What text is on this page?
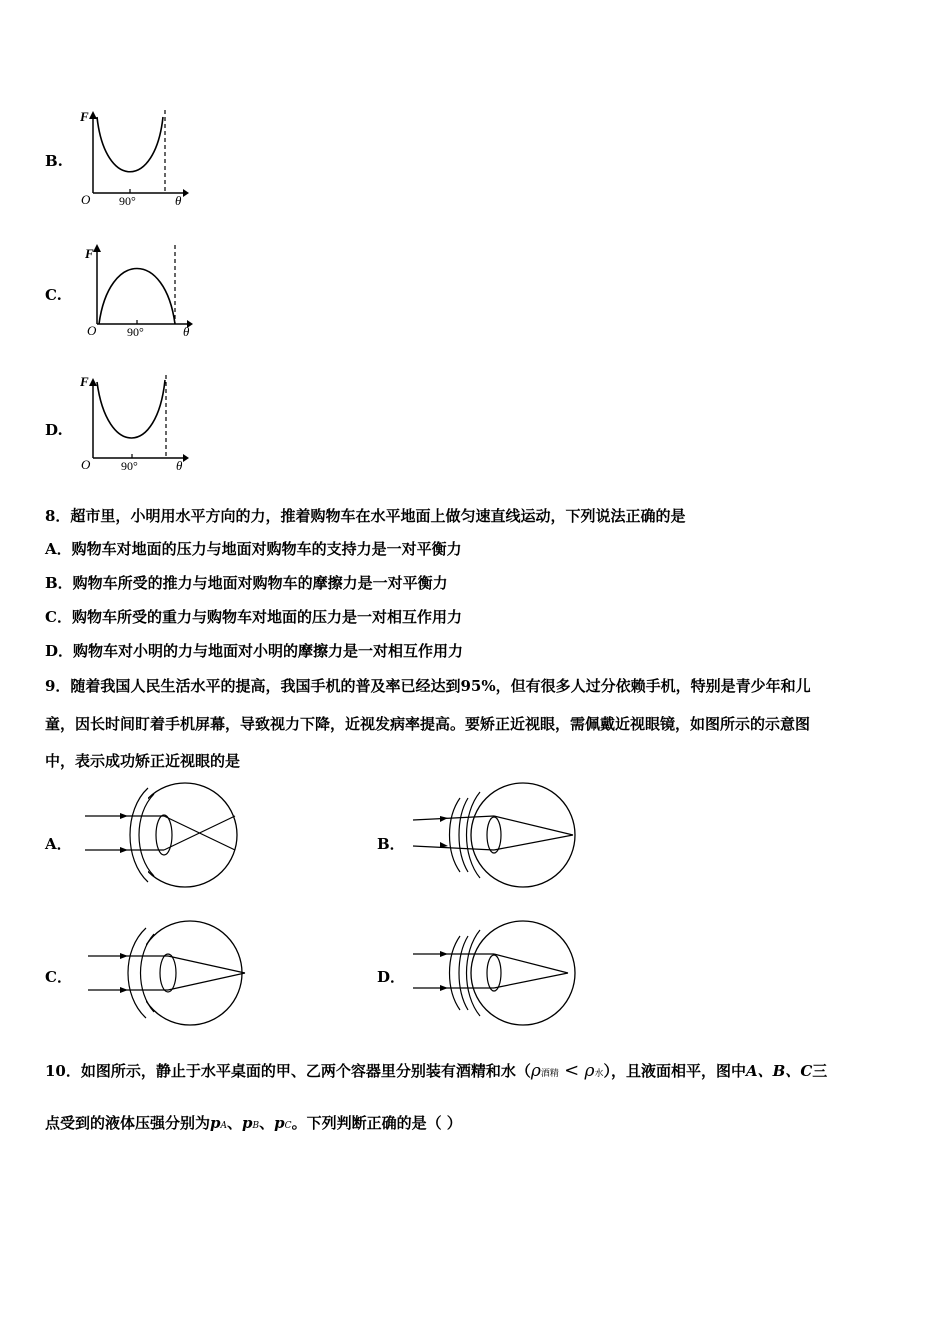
B.
F
O 90°	θ
C.
F
O	90°	θ
D.
F
O	90°	θ
8．超市里，小明用水平方向的力，推着购物车在水平地面上做匀速直线运动，下列说法正确的是
A．购物车对地面的压力与地面对购物车的支持力是一对平衡力
B．购物车所受的推力与地面对购物车的摩擦力是一对平衡力
C．购物车所受的重力与购物车对地面的压力是一对相互作用力
D．购物车对小明的力与地面对小明的摩擦力是一对相互作用力
9．随着我国人民生活水平的提高，我国手机的普及率已经达到95%，但有很多人过分依赖手机，特别是青少年和儿
童，因长时间盯着手机屏幕，导致视力下降，近视发病率提高。要矫正近视眼，需佩戴近视眼镜，如图所示的示意图
中，表示成功矫正近视眼的是
A．	B．
C．	D．
10．如图所示，静止于水平桌面的甲、乙两个容器里分别装有酒精和水（ρ酒精 < ρ水），且液面相平，图中A、B、C三
点受到的液体压强分别为pA、pB、pC。下列判断正确的是（ ）
